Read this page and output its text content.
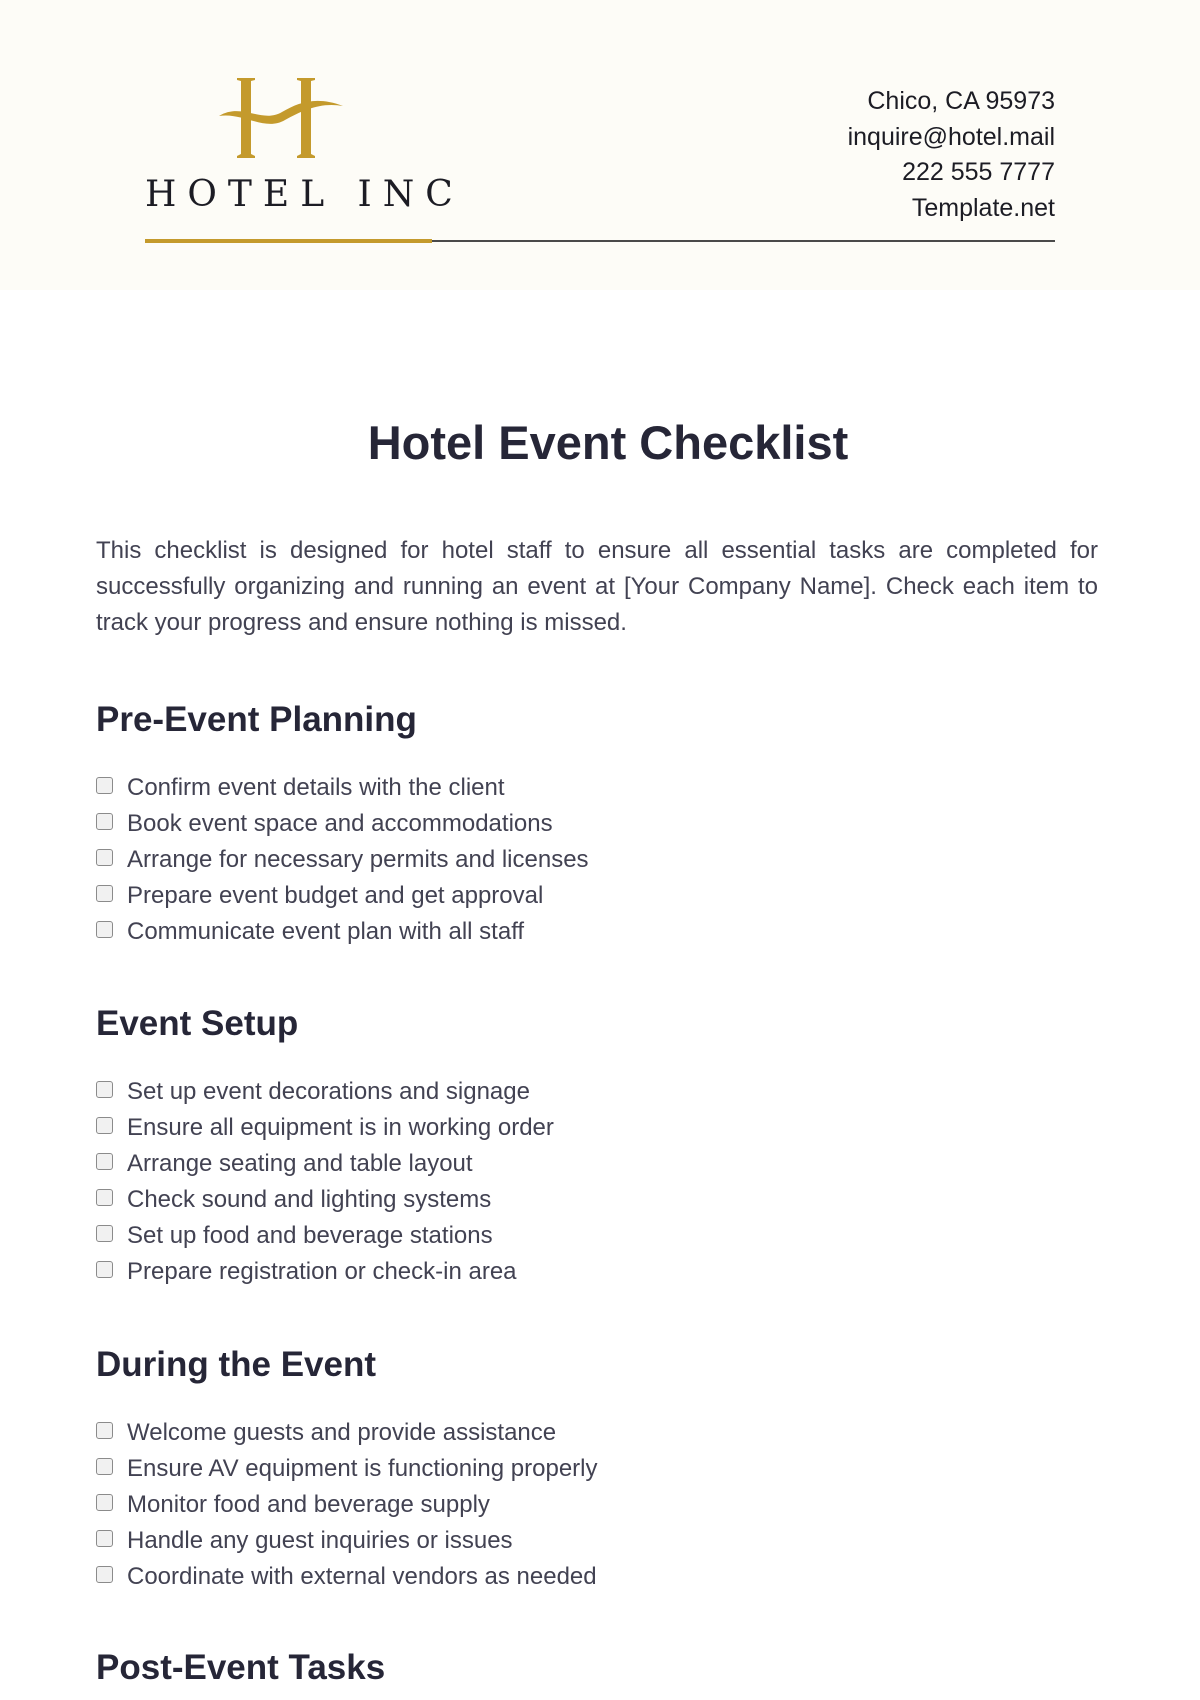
HOTEL INC
Chico, CA 95973
inquire@hotel.mail
222 555 7777
Template.net
Hotel Event Checklist

This checklist is designed for hotel staff to ensure all essential tasks are completed for successfully organizing and running an event at [Your Company Name]. Check each item to track your progress and ensure nothing is missed.

Pre-Event Planning
Confirm event details with the client
Book event space and accommodations
Arrange for necessary permits and licenses
Prepare event budget and get approval
Communicate event plan with all staff
Event Setup
Set up event decorations and signage
Ensure all equipment is in working order
Arrange seating and table layout
Check sound and lighting systems
Set up food and beverage stations
Prepare registration or check-in area
During the Event
Welcome guests and provide assistance
Ensure AV equipment is functioning properly
Monitor food and beverage supply
Handle any guest inquiries or issues
Coordinate with external vendors as needed
Post-Event Tasks
